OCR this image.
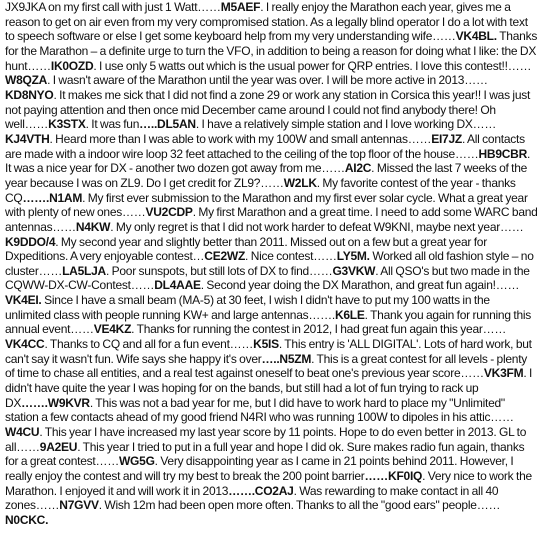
JX9JKA on my first call with just 1 Watt……M5AEF. I really enjoy the Marathon each year, gives me a reason to get on air even from my very compromised station. As a legally blind operator I do a lot with text to speech software or else I get some keyboard help from my very understanding wife……VK4BL. Thanks for the Marathon – a definite urge to turn the VFO, in addition to being a reason for doing what I like: the DX hunt……IK0OZD. I use only 5 watts out which is the usual power for QRP entries. I love this contest!!……W8QZA. I wasn't aware of the Marathon until the year was over. I will be more active in 2013……KD8NYO. It makes me sick that I did not find a zone 29 or work any station in Corsica this year!! I was just not paying attention and then once mid December came around I could not find anybody there! Oh well……K3STX. It was fun…..DL5AN. I have a relatively simple station and I love working DX……KJ4VTH. Heard more than I was able to work with my 100W and small antennas……EI7JZ. All contacts are made with a indoor wire loop 32 feet attached to the ceiling of the top floor of the house……HB9CBR. It was a nice year for DX - another two dozen got away from me……AI2C. Missed the last 7 weeks of the year because I was on ZL9. Do I get credit for ZL9?……W2LK. My favorite contest of the year - thanks CQ…….N1AM. My first ever submission to the Marathon and my first ever solar cycle. What a great year with plenty of new ones……VU2CDP. My first Marathon and a great time. I need to add some WARC band antennas……N4KW. My only regret is that I did not work harder to defeat W9KNI, maybe next year……K9DDO/4. My second year and slightly better than 2011. Missed out on a few but a great year for Dxpeditions. A very enjoyable contest…CE2WZ. Nice contest……LY5M. Worked all old fashion style – no cluster……LA5LJA. Poor sunspots, but still lots of DX to find……G3VKW. All QSO's but two made in the CQWW-DX-CW-Contest……DL4AAE. Second year doing the DX Marathon, and great fun again!……VK4EI. Since I have a small beam (MA-5) at 30 feet, I wish I didn't have to put my 100 watts in the unlimited class with people running KW+ and large antennas…….K6LE. Thank you again for running this annual event……VE4KZ. Thanks for running the contest in 2012, I had great fun again this year……VK4CC. Thanks to CQ and all for a fun event……K5IS. This entry is 'ALL DIGITAL'. Lots of hard work, but can't say it wasn't fun. Wife says she happy it's over…..N5ZM. This is a great contest for all levels - plenty of time to chase all entities, and a real test against oneself to beat one's previous year score……VK3FM. I didn't have quite the year I was hoping for on the bands, but still had a lot of fun trying to rack up DX…….W9KVR. This was not a bad year for me, but I did have to work hard to place my "Unlimited" station a few contacts ahead of my good friend N4RI who was running 100W to dipoles in his attic……W4CU. This year I have increased my last year score by 11 points. Hope to do even better in 2013. GL to all……9A2EU. This year I tried to put in a full year and hope I did ok. Sure makes radio fun again, thanks for a great contest……WG5G. Very disappointing year as I came in 21 points behind 2011. However, I really enjoy the contest and will try my best to break the 200 point barrier……KF0IQ. Very nice to work the Marathon. I enjoyed it and will work it in 2013…….CO2AJ. Was rewarding to make contact in all 40 zones……N7GVV. Wish 12m had been open more often. Thanks to all the "good ears" people……N0CKC.
